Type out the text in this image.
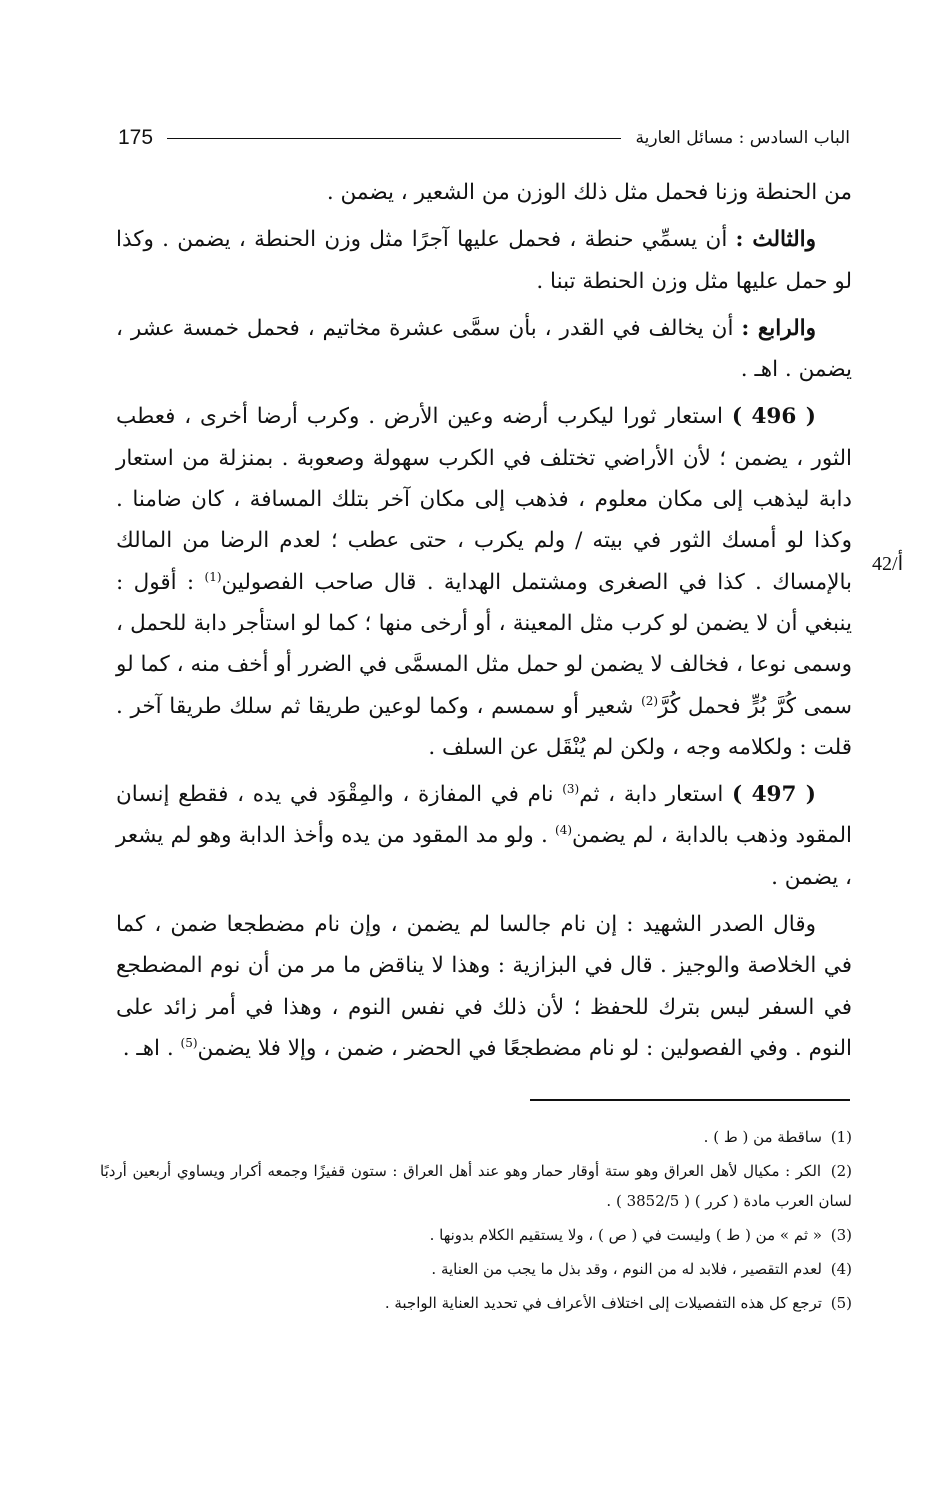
الباب السادس : مسائل العارية
175
42/أ

من الحنطة وزنا فحمل مثل ذلك الوزن من الشعير ، يضمن .

والثالث : أن يسمِّي حنطة ، فحمل عليها آجرًا مثل وزن الحنطة ، يضمن . وكذا لو حمل عليها مثل وزن الحنطة تبنا .

والرابع : أن يخالف في القدر ، بأن سمَّى عشرة مخاتيم ، فحمل خمسة عشر ، يضمن . اهـ .

( 496 ) استعار ثورا ليكرب أرضه وعين الأرض . وكرب أرضا أخرى ، فعطب الثور ، يضمن ؛ لأن الأراضي تختلف في الكرب سهولة وصعوبة . بمنزلة من استعار دابة ليذهب إلى مكان معلوم ، فذهب إلى مكان آخر بتلك المسافة ، كان ضامنا . وكذا لو أمسك الثور في بيته / ولم يكرب ، حتى عطب ؛ لعدم الرضا من المالك بالإمساك . كذا في الصغرى ومشتمل الهداية . قال صاحب الفصولين$^{(1)}$ : أقول : ينبغي أن لا يضمن لو كرب مثل المعينة ، أو أرخى منها ؛ كما لو استأجر دابة للحمل ، وسمى نوعا ، فخالف لا يضمن لو حمل مثل المسمَّى في الضرر أو أخف منه ، كما لو سمى كُرَّ بُرٍّ فحمل كُرَّ$^{(2)}$ شعير أو سمسم ، وكما لوعين طريقا ثم سلك طريقا آخر . قلت : ولكلامه وجه ، ولكن لم يُنْقَل عن السلف .

( 497 ) استعار دابة ، ثم$^{(3)}$ نام في المفازة ، والمِقْوَد في يده ، فقطع إنسان المقود وذهب بالدابة ، لم يضمن$^{(4)}$ . ولو مد المقود من يده وأخذ الدابة وهو لم يشعر ، يضمن .

وقال الصدر الشهيد : إن نام جالسا لم يضمن ، وإن نام مضطجعا ضمن ، كما في الخلاصة والوجيز . قال في البزازية : وهذا لا يناقض ما مر من أن نوم المضطجع في السفر ليس بترك للحفظ ؛ لأن ذلك في نفس النوم ، وهذا في أمر زائد على النوم . وفي الفصولين : لو نام مضطجعًا في الحضر ، ضمن ، وإلا فلا يضمن$^{(5)}$ . اهـ .

(1) ساقطة من ( ط ) .

(2) الكر : مكيال لأهل العراق وهو ستة أوقار حمار وهو عند أهل العراق : ستون قفيزًا وجمعه أكرار ويساوي أربعين أردبًا لسان العرب مادة ( كرر ) ( 3852/5 ) .

(3) « ثم » من ( ط ) وليست في ( ص ) ، ولا يستقيم الكلام بدونها .

(4) لعدم التقصير ، فلابد له من النوم ، وقد بذل ما يجب من العناية .

(5) ترجع كل هذه التفصيلات إلى اختلاف الأعراف في تحديد العناية الواجبة .
